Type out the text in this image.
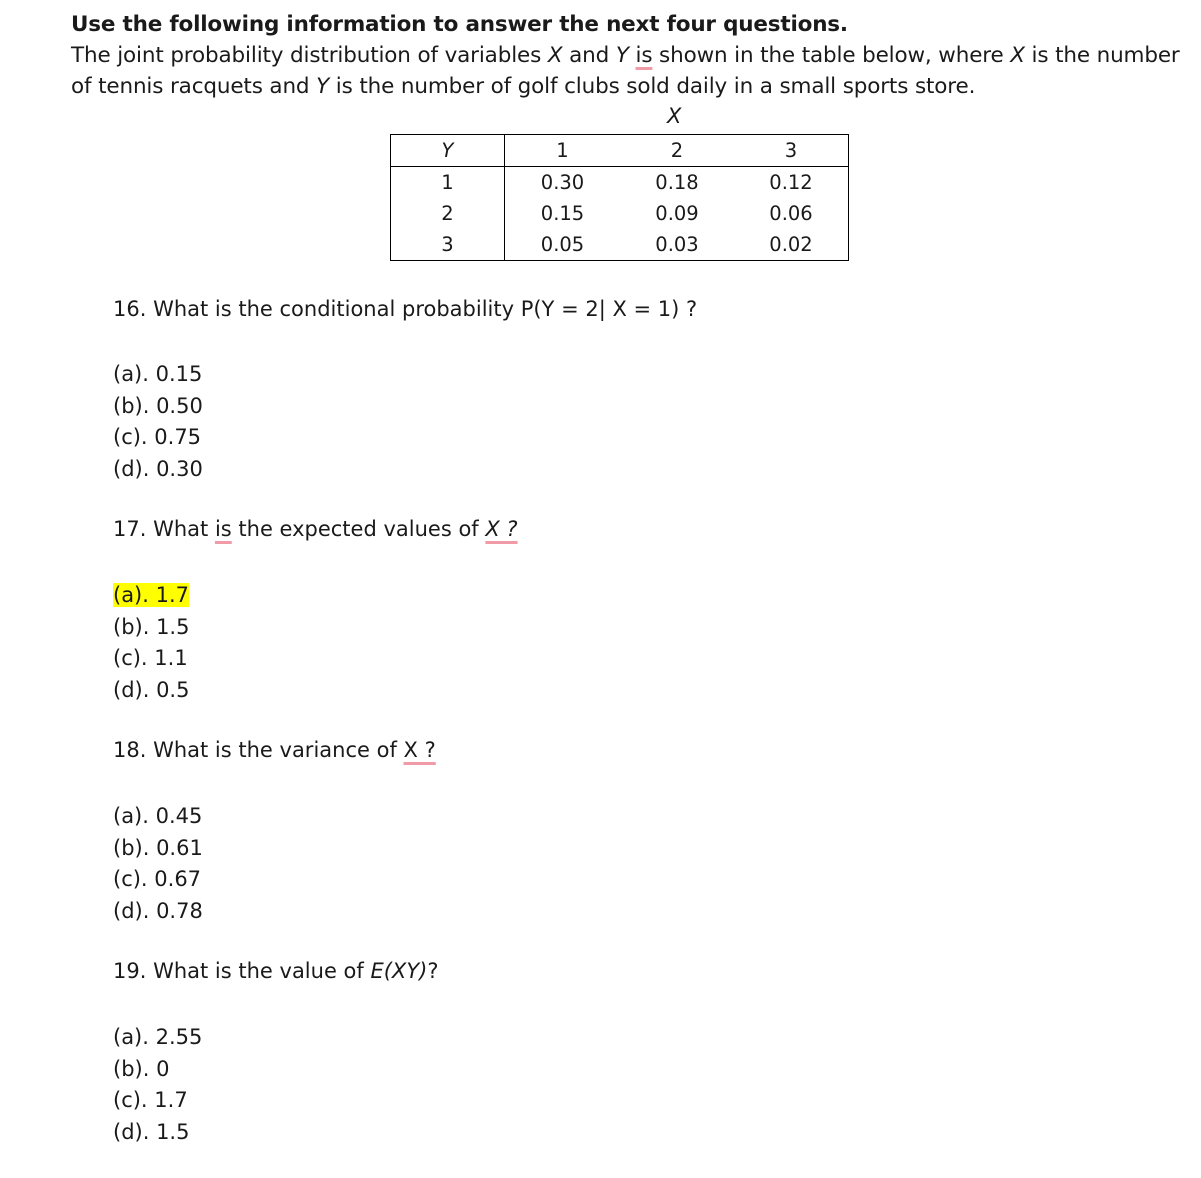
Use the following information to answer the next four questions.
The joint probability distribution of variables X and Y is shown in the table below, where X is the number of tennis racquets and Y is the number of golf clubs sold daily in a small sports store.
X
Y	1	2	3
1	0.30	0.18	0.12
2	0.15	0.09	0.06
3	0.05	0.03	0.02
16. What is the conditional probability P(Y = 2| X = 1) ?
(a). 0.15
(b). 0.50
(c). 0.75
(d). 0.30
17. What is the expected values of X ?
(a). 1.7
(b). 1.5
(c). 1.1
(d). 0.5
18. What is the variance of X ?
(a). 0.45
(b). 0.61
(c). 0.67
(d). 0.78
19. What is the value of E(XY)?
(a). 2.55
(b). 0
(c). 1.7
(d). 1.5
